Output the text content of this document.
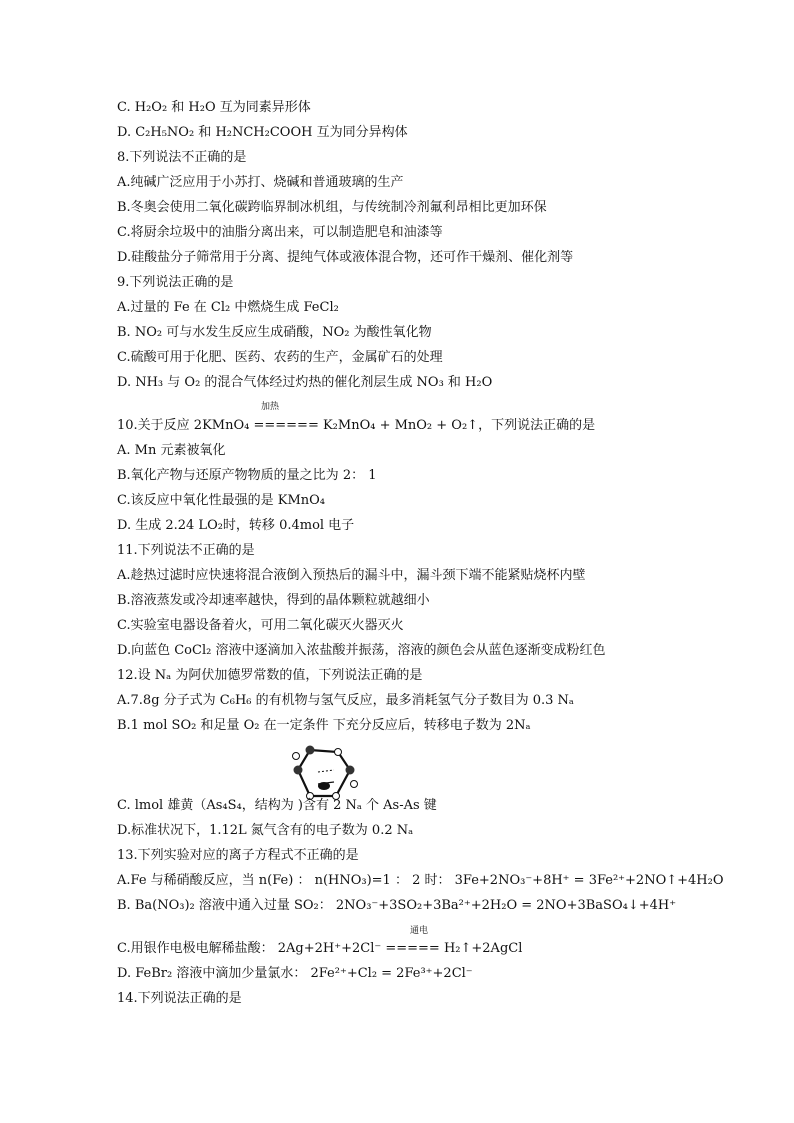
C. H₂O₂ 和 H₂O 互为同素异形体
D. C₂H₅NO₂ 和 H₂NCH₂COOH 互为同分异构体
8.下列说法不正确的是
A.纯碱广泛应用于小苏打、烧碱和普通玻璃的生产
B.冬奥会使用二氧化碳跨临界制冰机组，与传统制冷剂氟利昂相比更加环保
C.将厨余垃圾中的油脂分离出来，可以制造肥皂和油漆等
D.硅酸盐分子筛常用于分离、提纯气体或液体混合物，还可作干燥剂、催化剂等
9.下列说法正确的是
A.过量的 Fe 在 Cl₂ 中燃烧生成 FeCl₂
B. NO₂ 可与水发生反应生成硝酸，NO₂ 为酸性氧化物
C.硫酸可用于化肥、医药、农药的生产，金属矿石的处理
D. NH₃ 与 O₂ 的混合气体经过灼热的催化剂层生成 NO₃ 和 H₂O
加热
10.关于反应 2KMnO₄ ====== K₂MnO₄ + MnO₂ + O₂↑，下列说法正确的是
A. Mn 元素被氧化
B.氧化产物与还原产物物质的量之比为 2： 1
C.该反应中氧化性最强的是 KMnO₄
D. 生成 2.24 LO₂时，转移 0.4mol 电子
11.下列说法不正确的是
A.趁热过滤时应快速将混合液倒入预热后的漏斗中，漏斗颈下端不能紧贴烧杯内壁
B.溶液蒸发或冷却速率越快，得到的晶体颗粒就越细小
C.实验室电器设备着火，可用二氧化碳灭火器灭火
D.向蓝色 CoCl₂ 溶液中逐滴加入浓盐酸并振荡，溶液的颜色会从蓝色逐渐变成粉红色
12.设 Nₐ 为阿伏加德罗常数的值，下列说法正确的是
A.7.8g 分子式为 C₆H₆ 的有机物与氢气反应，最多消耗氢气分子数目为 0.3 Nₐ
B.1 mol SO₂ 和足量 O₂ 在一定条件 下充分反应后，转移电子数为 2Nₐ
C. lmol 雄黄（As₄S₄，结构为 )含有 2 Nₐ 个 As-As 键
D.标准状况下，1.12L 氮气含有的电子数为 0.2 Nₐ
13.下列实验对应的离子方程式不正确的是
A.Fe 与稀硝酸反应，当 n(Fe) ： n(HNO₃)=1 ： 2 时： 3Fe+2NO₃⁻+8H⁺ = 3Fe²⁺+2NO↑+4H₂O
B. Ba(NO₃)₂ 溶液中通入过量 SO₂： 2NO₃⁻+3SO₂+3Ba²⁺+2H₂O = 2NO+3BaSO₄↓+4H⁺
通电
C.用银作电极电解稀盐酸： 2Ag+2H⁺+2Cl⁻ ===== H₂↑+2AgCl
D. FeBr₂ 溶液中滴加少量氯水： 2Fe²⁺+Cl₂ = 2Fe³⁺+2Cl⁻
14.下列说法正确的是
